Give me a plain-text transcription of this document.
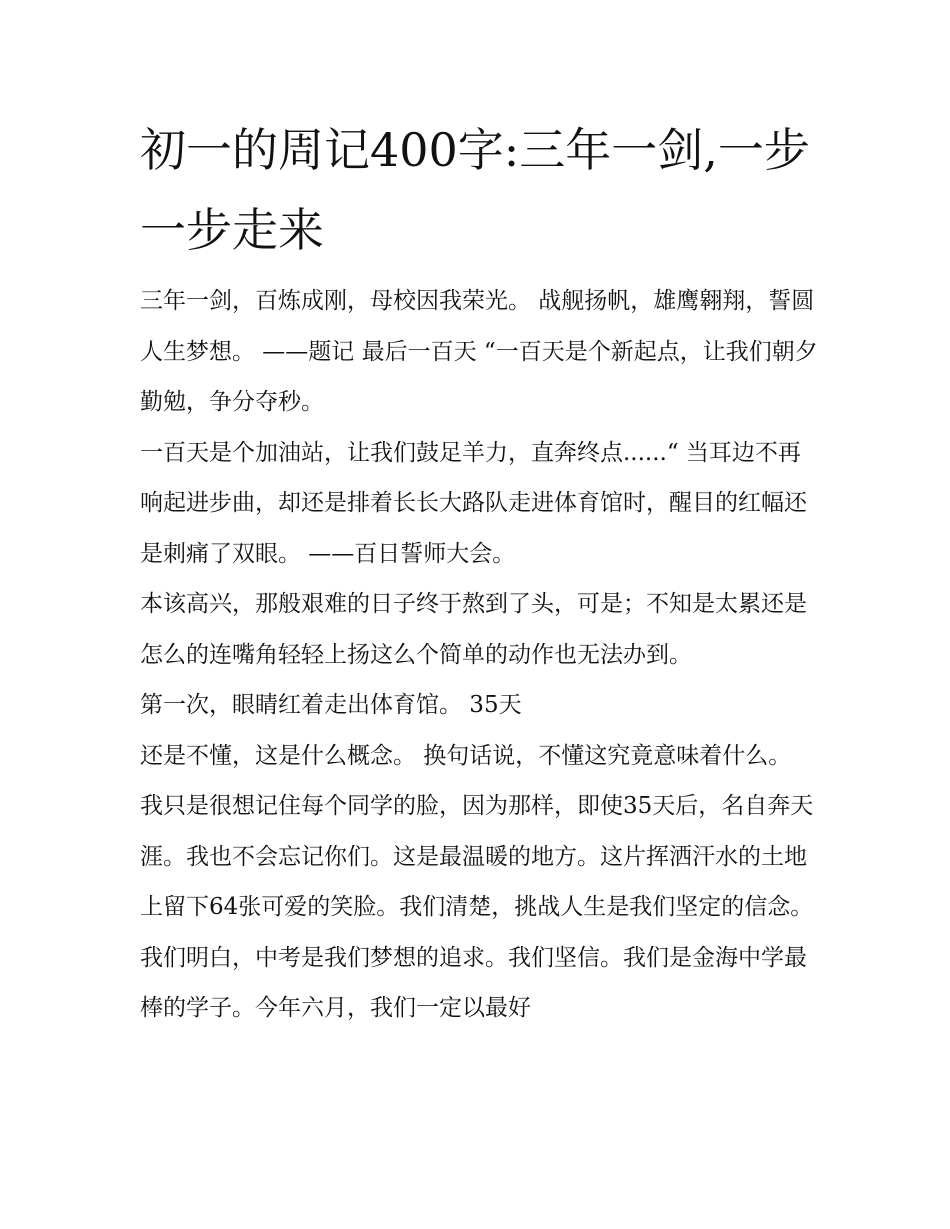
初一的周记400字:三年一剑,一步一步走来

三年一剑，百炼成刚，母校因我荣光。 战舰扬帆，雄鹰翱翔，誓圆人生梦想。 ——题记 最后一百天 “一百天是个新起点，让我们朝夕勤勉，争分夺秒。

一百天是个加油站，让我们鼓足羊力，直奔终点......“ 当耳边不再响起进步曲，却还是排着长长大路队走进体育馆时，醒目的红幅还是刺痛了双眼。 ——百日誓师大会。

本该高兴，那般艰难的日子终于熬到了头，可是；不知是太累还是怎么的连嘴角轻轻上扬这么个简单的动作也无法办到。

第一次，眼睛红着走出体育馆。 35天

还是不懂，这是什么概念。 换句话说，不懂这究竟意味着什么。

我只是很想记住每个同学的脸，因为那样，即使35天后，名自奔天涯。我也不会忘记你们。这是最温暖的地方。这片挥洒汗水的土地上留下64张可爱的笑脸。我们清楚，挑战人生是我们坚定的信念。我们明白，中考是我们梦想的追求。我们坚信。我们是金海中学最棒的学子。今年六月，我们一定以最好
